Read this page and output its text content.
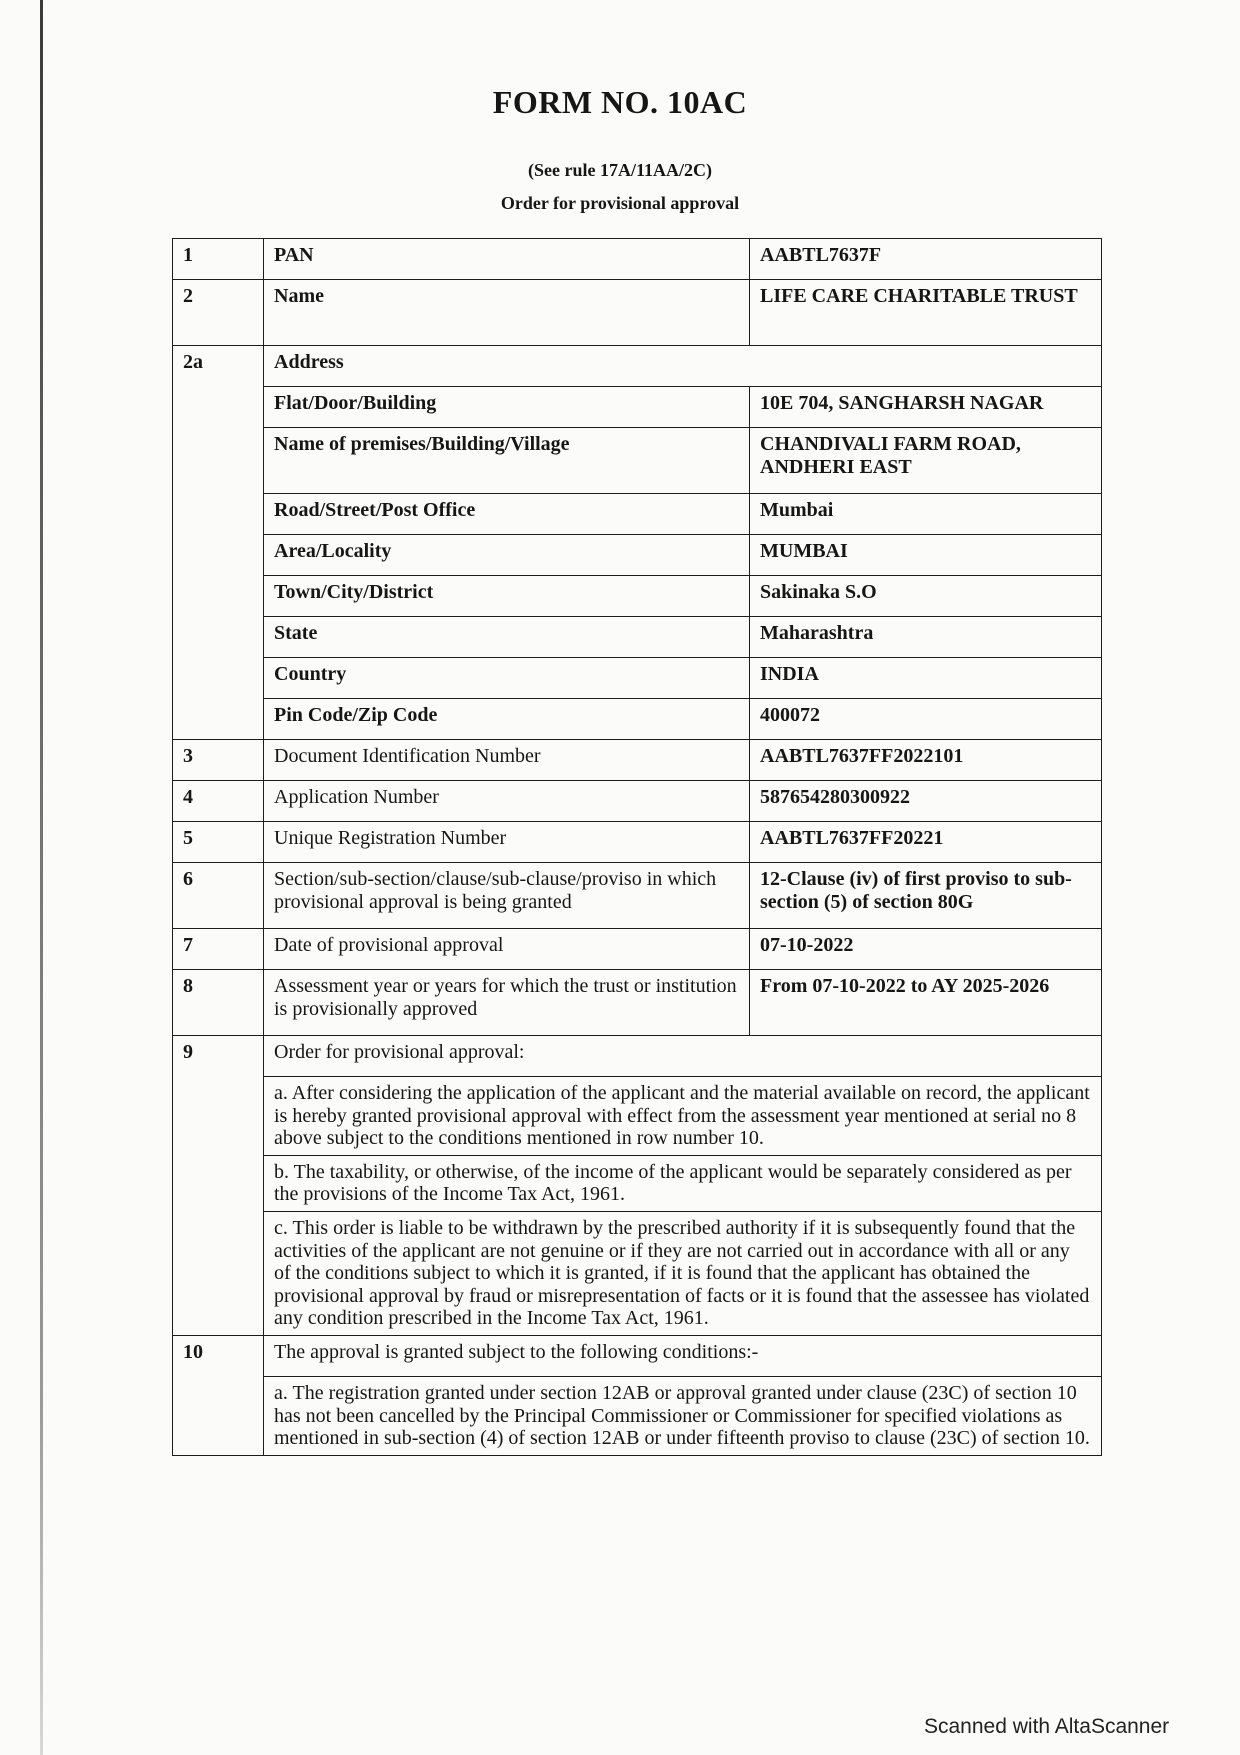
FORM NO. 10AC
(See rule 17A/11AA/2C)
Order for provisional approval
1	PAN	AABTL7637F
2	Name	LIFE CARE CHARITABLE TRUST
2a	Address	
	Flat/Door/Building	10E 704, SANGHARSH NAGAR
	Name of premises/Building/Village	CHANDIVALI FARM ROAD, ANDHERI EAST
	Road/Street/Post Office	Mumbai
	Area/Locality	MUMBAI
	Town/City/District	Sakinaka S.O
	State	Maharashtra
	Country	INDIA
	Pin Code/Zip Code	400072
3	Document Identification Number	AABTL7637FF2022101
4	Application Number	587654280300922
5	Unique Registration Number	AABTL7637FF20221
6	Section/sub-section/clause/sub-clause/proviso in which provisional approval is being granted	12-Clause (iv) of first proviso to sub-section (5) of section 80G
7	Date of provisional approval	07-10-2022
8	Assessment year or years for which the trust or institution is provisionally approved	From 07-10-2022 to AY 2025-2026
9	Order for provisional approval:	
	a. After considering the application of the applicant and the material available on record, the applicant is hereby granted provisional approval with effect from the assessment year mentioned at serial no 8 above subject to the conditions mentioned in row number 10.	
	b. The taxability, or otherwise, of the income of the applicant would be separately considered as per the provisions of the Income Tax Act, 1961.	
	c. This order is liable to be withdrawn by the prescribed authority if it is subsequently found that the activities of the applicant are not genuine or if they are not carried out in accordance with all or any of the conditions subject to which it is granted, if it is found that the applicant has obtained the provisional approval by fraud or misrepresentation of facts or it is found that the assessee has violated any condition prescribed in the Income Tax Act, 1961.	
10	The approval is granted subject to the following conditions:-	
	a. The registration granted under section 12AB or approval granted under clause (23C) of section 10 has not been cancelled by the Principal Commissioner or Commissioner for specified violations as mentioned in sub-section (4) of section 12AB or under fifteenth proviso to clause (23C) of section 10.	
Scanned with AltaScanner
